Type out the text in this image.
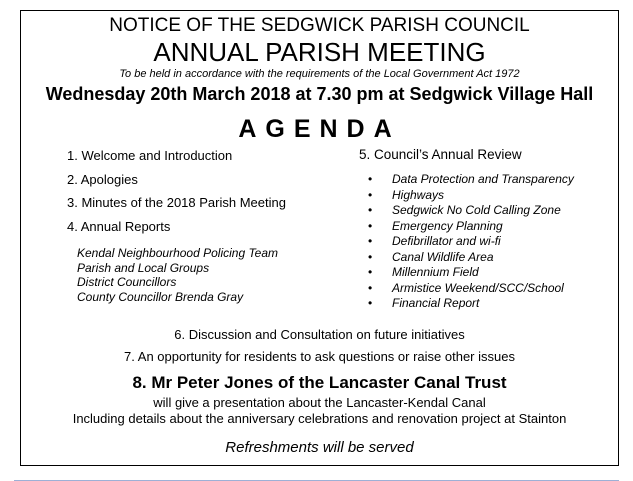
NOTICE OF THE SEDGWICK PARISH COUNCIL
ANNUAL PARISH MEETING
To be held in accordance with the requirements of the Local Government Act 1972
Wednesday 20th March 2018 at 7.30 pm at Sedgwick Village Hall
AGENDA
1. Welcome and Introduction
2. Apologies
3. Minutes of the 2018 Parish Meeting
4. Annual Reports
Kendal Neighbourhood Policing Team
Parish and Local Groups
District Councillors
County Councillor Brenda Gray
5. Council’s Annual Review
• Data Protection and Transparency
• Highways
• Sedgwick No Cold Calling Zone
• Emergency Planning
• Defibrillator and wi-fi
• Canal Wildlife Area
• Millennium Field
• Armistice Weekend/SCC/School
• Financial Report
6. Discussion and Consultation on future initiatives
7. An opportunity for residents to ask questions or raise other issues
8. Mr Peter Jones of the Lancaster Canal Trust
will give a presentation about the Lancaster-Kendal Canal
Including details about the anniversary celebrations and renovation project at Stainton
Refreshments will be served
